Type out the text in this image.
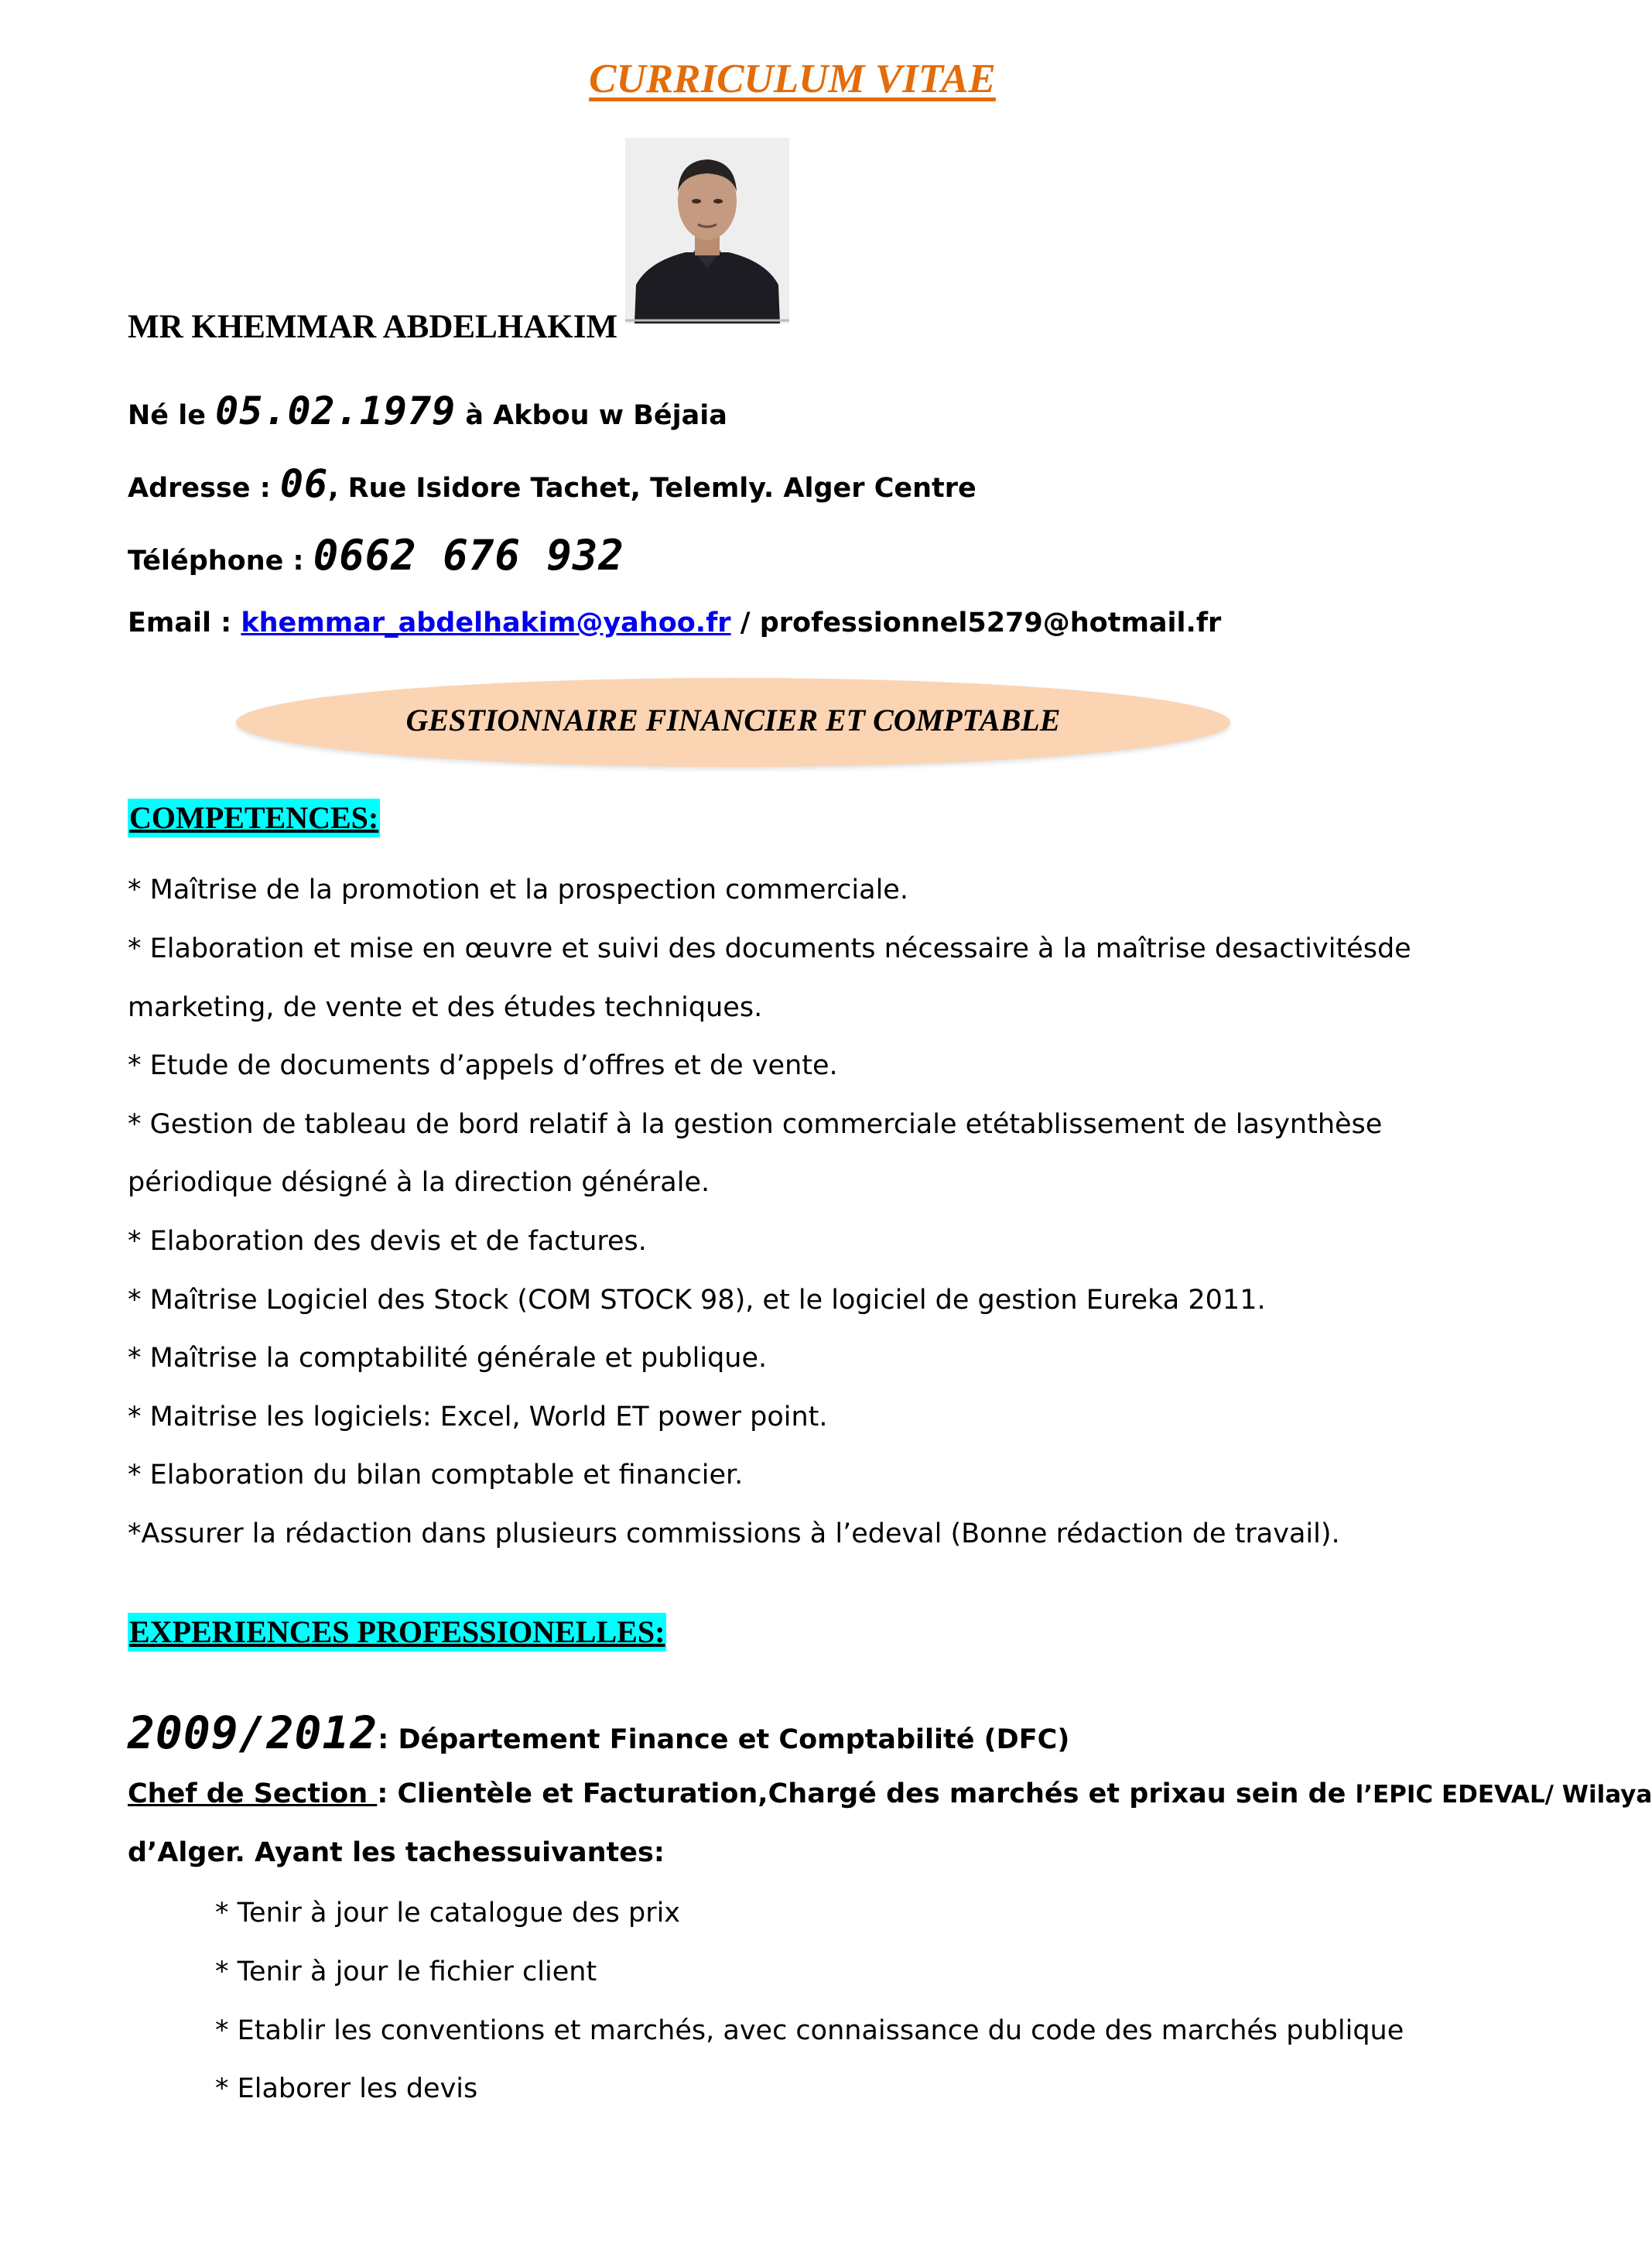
CURRICULUM VITAE
MR KHEMMAR ABDELHAKIM
Né le 05.02.1979 à Akbou w Béjaia
Adresse : 06, Rue Isidore Tachet, Telemly. Alger Centre
Téléphone : 0662 676 932
Email : khemmar_abdelhakim@yahoo.fr / professionnel5279@hotmail.fr
GESTIONNAIRE FINANCIER ET COMPTABLE
COMPETENCES:
* Maîtrise de la promotion et la prospection commerciale.
* Elaboration et mise en œuvre et suivi des documents nécessaire à la maîtrise desactivitésde
marketing, de vente et des études techniques.
* Etude de documents d’appels d’offres et de vente.
* Gestion de tableau de bord relatif à la gestion commerciale etétablissement de lasynthèse
périodique désigné à la direction générale.
* Elaboration des devis et de factures.
* Maîtrise Logiciel des Stock (COM STOCK 98), et le logiciel de gestion Eureka 2011.
* Maîtrise la comptabilité générale et publique.
* Maitrise les logiciels: Excel, World ET power point.
* Elaboration du bilan comptable et financier.
*Assurer la rédaction dans plusieurs commissions à l’edeval (Bonne rédaction de travail).
EXPERIENCES PROFESSIONELLES:
2009/2012: Département Finance et Comptabilité (DFC)
Chef de Section : Clientèle et Facturation,Chargé des marchés et prixau sein de l’EPIC EDEVAL/ Wilaya
d’Alger. Ayant les tachessuivantes:
* Tenir à jour le catalogue des prix
* Tenir à jour le fichier client
* Etablir les conventions et marchés, avec connaissance du code des marchés publique
* Elaborer les devis
